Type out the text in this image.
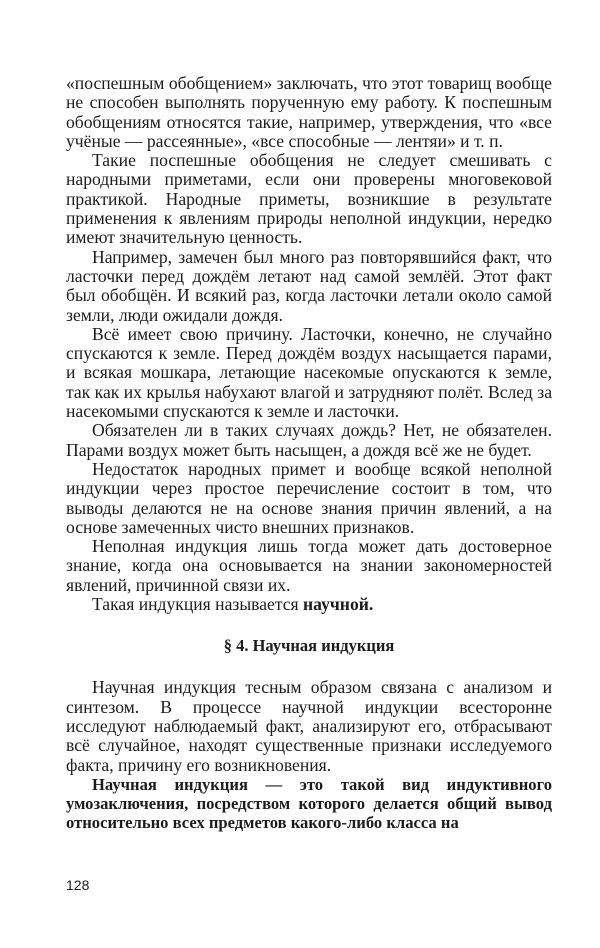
«поспешным обобщением» заключать, что этот товарищ вообще не способен выполнять порученную ему работу. К поспешным обобщениям относятся такие, например, утверждения, что «все учёные — рассеянные», «все способные — лентяи» и т. п.

Такие поспешные обобщения не следует смешивать с народными приметами, если они проверены многовековой практикой. Народные приметы, возникшие в результате применения к явлениям природы неполной индукции, нередко имеют значительную ценность.

Например, замечен был много раз повторявшийся факт, что ласточки перед дождём летают над самой землёй. Этот факт был обобщён. И всякий раз, когда ласточки летали около самой земли, люди ожидали дождя.

Всё имеет свою причину. Ласточки, конечно, не случайно спускаются к земле. Перед дождём воздух насыщается парами, и всякая мошкара, летающие насекомые опускаются к земле, так как их крылья набухают влагой и затрудняют полёт. Вслед за насекомыми спускаются к земле и ласточки.

Обязателен ли в таких случаях дождь? Нет, не обязателен. Парами воздух может быть насыщен, а дождя всё же не будет.

Недостаток народных примет и вообще всякой неполной индукции через простое перечисление состоит в том, что выводы делаются не на основе знания причин явлений, а на основе замеченных чисто внешних признаков.

Неполная индукция лишь тогда может дать достоверное знание, когда она основывается на знании закономерностей явлений, причинной связи их.

Такая индукция называется научной.

§ 4. Научная индукция

Научная индукция тесным образом связана с анализом и синтезом. В процессе научной индукции всесторонне исследуют наблюдаемый факт, анализируют его, отбрасывают всё случайное, находят существенные признаки исследуемого факта, причину его возникновения.

Научная индукция — это такой вид индуктивного умозаключения, посредством которого делается общий вывод относительно всех предметов какого-либо класса на

128
